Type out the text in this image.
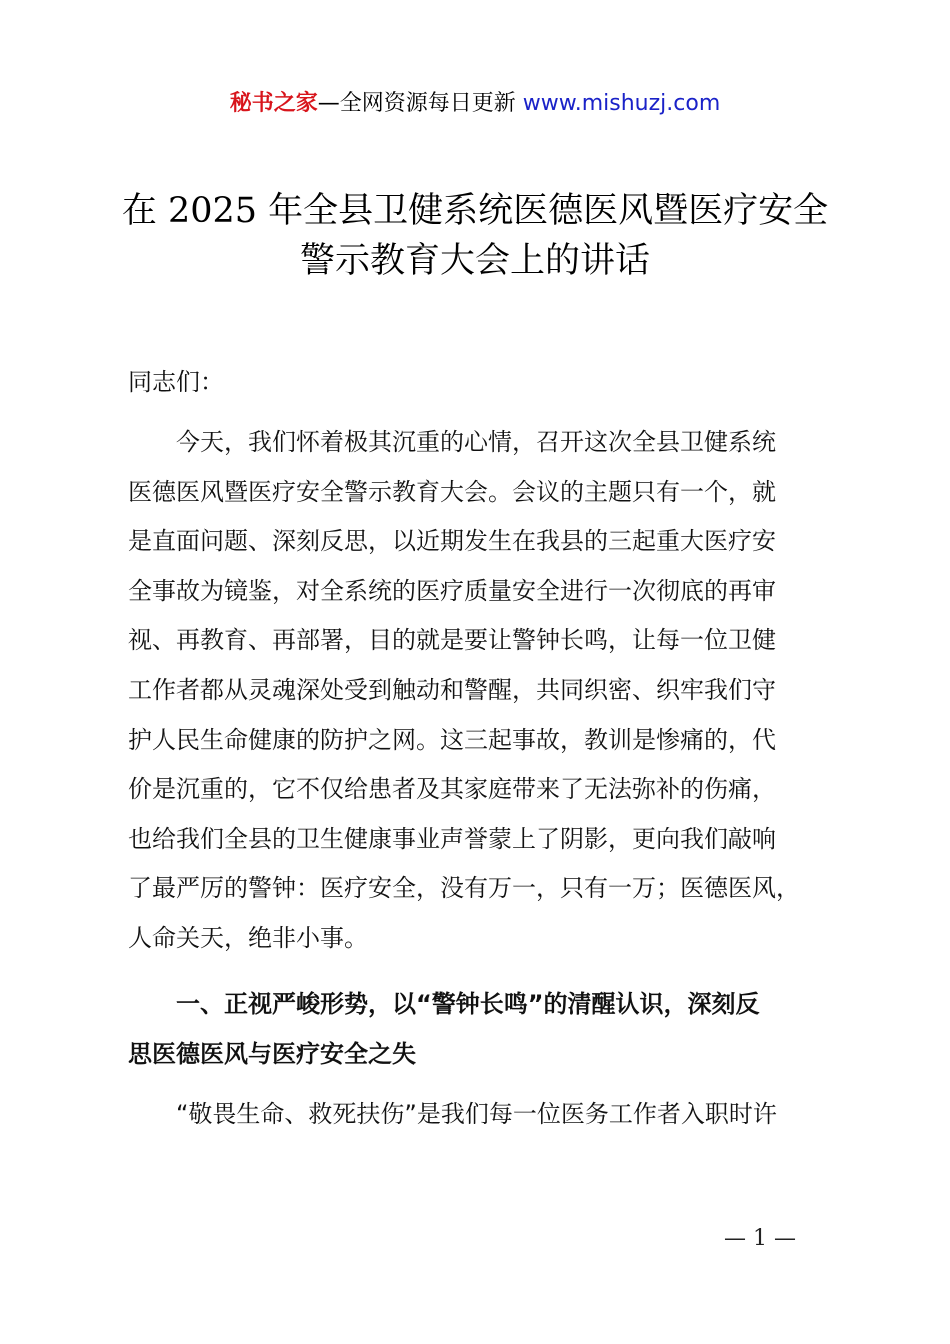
秘书之家—全网资源每日更新 www.mishuzj.com
在 2025 年全县卫健系统医德医风暨医疗安全
警示教育大会上的讲话
同志们：
今天，我们怀着极其沉重的心情，召开这次全县卫健系统
医德医风暨医疗安全警示教育大会。会议的主题只有一个，就
是直面问题、深刻反思，以近期发生在我县的三起重大医疗安
全事故为镜鉴，对全系统的医疗质量安全进行一次彻底的再审
视、再教育、再部署，目的就是要让警钟长鸣，让每一位卫健
工作者都从灵魂深处受到触动和警醒，共同织密、织牢我们守
护人民生命健康的防护之网。这三起事故，教训是惨痛的，代
价是沉重的，它不仅给患者及其家庭带来了无法弥补的伤痛，
也给我们全县的卫生健康事业声誉蒙上了阴影，更向我们敲响
了最严厉的警钟：医疗安全，没有万一，只有一万；医德医风，
人命关天，绝非小事。
一、正视严峻形势，以“警钟长鸣”的清醒认识，深刻反
思医德医风与医疗安全之失
“敬畏生命、救死扶伤”是我们每一位医务工作者入职时许
— 1 —
